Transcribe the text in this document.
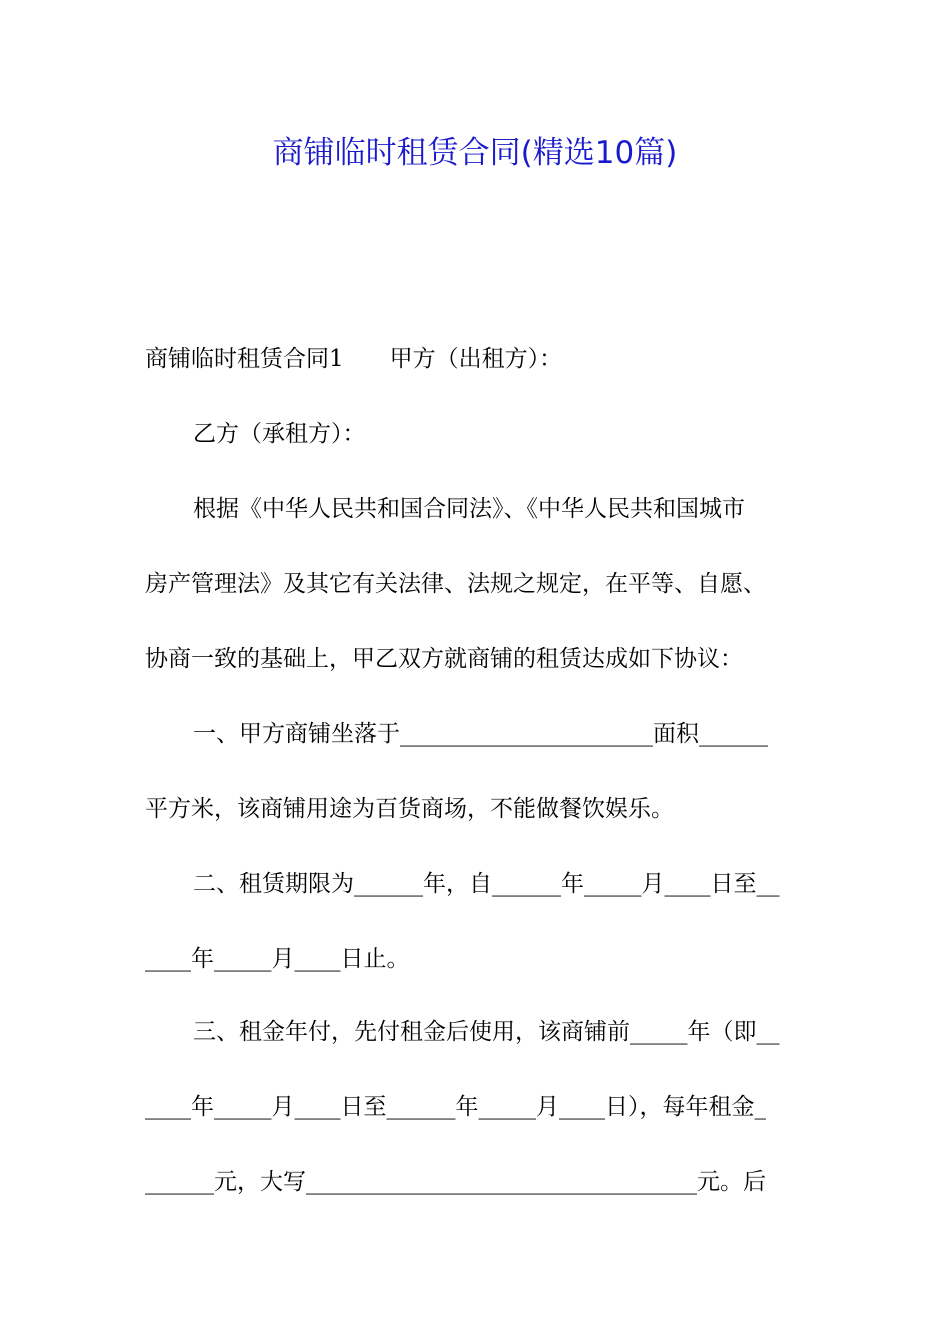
商铺临时租赁合同(精选10篇)
商铺临时租赁合同1 甲方（出租方）：
乙方（承租方）：
根据《中华人民共和国合同法》、《中华人民共和国城市
房产管理法》及其它有关法律、法规之规定，在平等、自愿、
协商一致的基础上，甲乙双方就商铺的租赁达成如下协议：
一、甲方商铺坐落于______________________面积______
平方米，该商铺用途为百货商场，不能做餐饮娱乐。
二、租赁期限为______年，自______年_____月____日至__
____年_____月____日止。
三、租金年付，先付租金后使用，该商铺前_____年（即__
____年_____月____日至______年_____月____日），每年租金_
______元，大写__________________________________元。后
